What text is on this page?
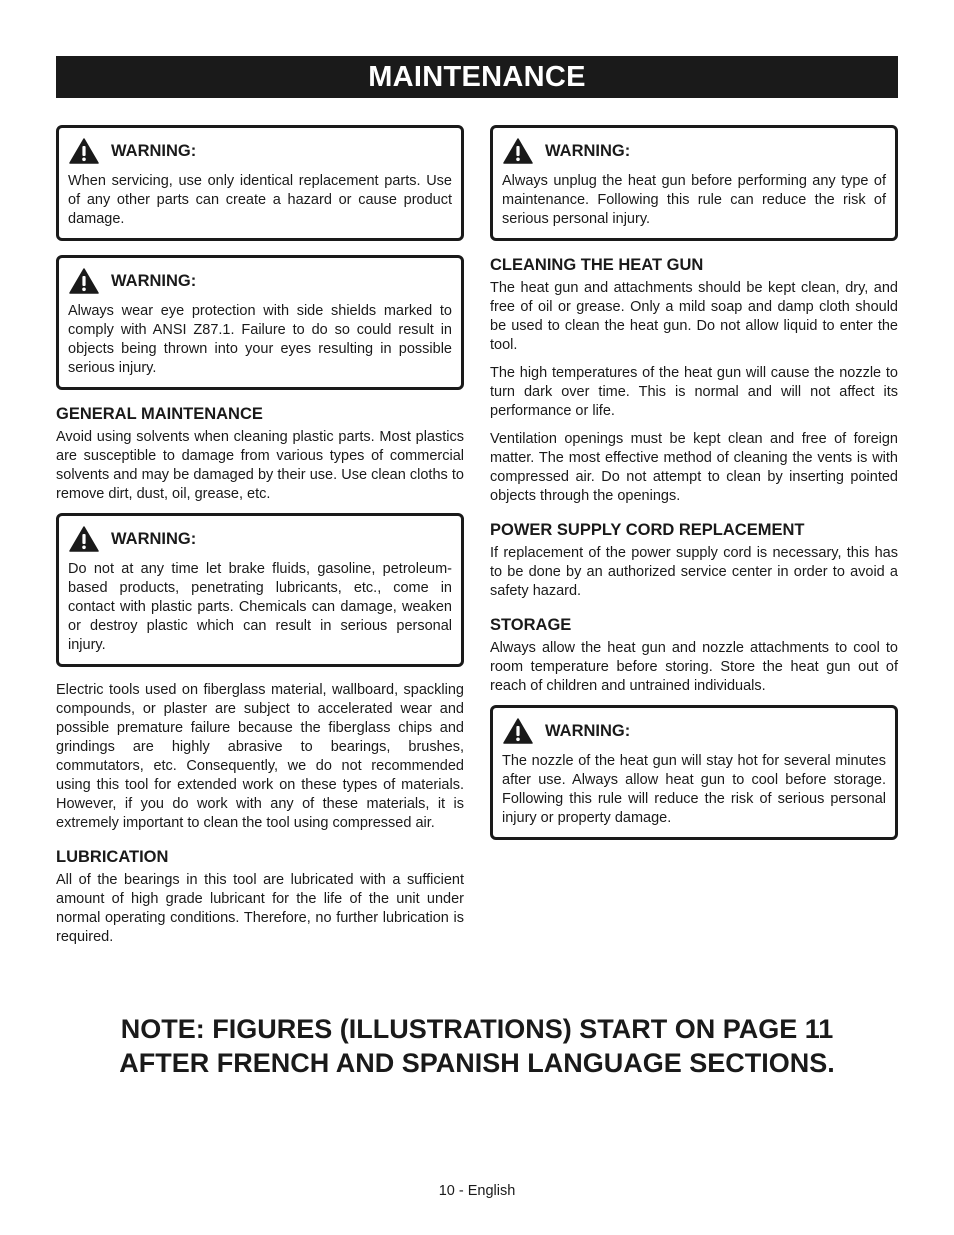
MAINTENANCE
WARNING:
When servicing, use only identical replacement parts. Use of any other parts can create a hazard or cause product damage.
WARNING:
Always wear eye protection with side shields marked to comply with ANSI Z87.1. Failure to do so could result in objects being thrown into your eyes resulting in possible serious injury.
GENERAL MAINTENANCE

Avoid using solvents when cleaning plastic parts. Most plastics are susceptible to damage from various types of commercial solvents and may be damaged by their use. Use clean cloths to remove dirt, dust, oil, grease, etc.

WARNING:
Do not at any time let brake fluids, gasoline, petroleum-based products, penetrating lubricants, etc., come in contact with plastic parts. Chemicals can damage, weaken or destroy plastic which can result in serious personal injury.

Electric tools used on fiberglass material, wallboard, spackling compounds, or plaster are subject to accelerated wear and possible premature failure because the fiberglass chips and grindings are highly abrasive to bearings, brushes, commutators, etc. Consequently, we do not recommended using this tool for extended work on these types of materials. However, if you do work with any of these materials, it is extremely important to clean the tool using compressed air.

LUBRICATION

All of the bearings in this tool are lubricated with a sufficient amount of high grade lubricant for the life of the unit under normal operating conditions. Therefore, no further lubrication is required.

WARNING:
Always unplug the heat gun before performing any type of maintenance. Following this rule can reduce the risk of serious personal injury.
CLEANING THE HEAT GUN

The heat gun and attachments should be kept clean, dry, and free of oil or grease. Only a mild soap and damp cloth should be used to clean the heat gun. Do not allow liquid to enter the tool.

The high temperatures of the heat gun will cause the nozzle to turn dark over time. This is normal and will not affect its performance or life.

Ventilation openings must be kept clean and free of foreign matter. The most effective method of cleaning the vents is with compressed air. Do not attempt to clean by inserting pointed objects through the openings.

POWER SUPPLY CORD REPLACEMENT

If replacement of the power supply cord is necessary, this has to be done by an authorized service center in order to avoid a safety hazard.

STORAGE

Always allow the heat gun and nozzle attachments to cool to room temperature before storing. Store the heat gun out of reach of children and untrained individuals.

WARNING:
The nozzle of the heat gun will stay hot for several minutes after use. Always allow heat gun to cool before storage. Following this rule will reduce the risk of serious personal injury or property damage.
NOTE: FIGURES (ILLUSTRATIONS) START ON PAGE 11
AFTER FRENCH AND SPANISH LANGUAGE SECTIONS.
10 - English
